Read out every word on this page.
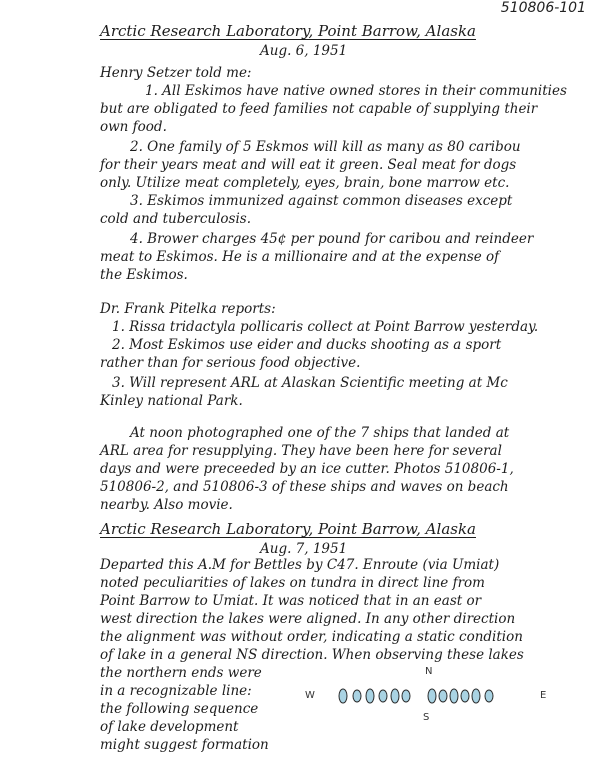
510806-101
Arctic Research Laboratory, Point Barrow, Alaska
Aug. 6, 1951
Henry Setzer told me:
1. All Eskimos have native owned stores in their communities
but are obligated to feed families not capable of supplying their
own food.
2. One family of 5 Eskmos will kill as many as 80 caribou
for their years meat and will eat it green. Seal meat for dogs
only. Utilize meat completely, eyes, brain, bone marrow etc.
3. Eskimos immunized against common diseases except
cold and tuberculosis.
4. Brower charges 45¢ per pound for caribou and reindeer
meat to Eskimos. He is a millionaire and at the expense of
the Eskimos.
Dr. Frank Pitelka reports:
1. Rissa tridactyla pollicaris collect at Point Barrow yesterday.
2. Most Eskimos use eider and ducks shooting as a sport
rather than for serious food objective.
3. Will represent ARL at Alaskan Scientific meeting at Mc
Kinley national Park.
At noon photographed one of the 7 ships that landed at
ARL area for resupplying. They have been here for several
days and were preceeded by an ice cutter. Photos 510806-1,
510806-2, and 510806-3 of these ships and waves on beach
nearby. Also movie.
Arctic Research Laboratory, Point Barrow, Alaska
Aug. 7, 1951
Departed this A.M for Bettles by C47. Enroute (via Umiat)
noted peculiarities of lakes on tundra in direct line from
Point Barrow to Umiat. It was noticed that in an east or
west direction the lakes were aligned. In any other direction
the alignment was without order, indicating a static condition
of lake in a general NS direction. When observing these lakes
the northern ends were
in a recognizable line:
the following sequence
of lake development
might suggest formation
N
W	E
S
